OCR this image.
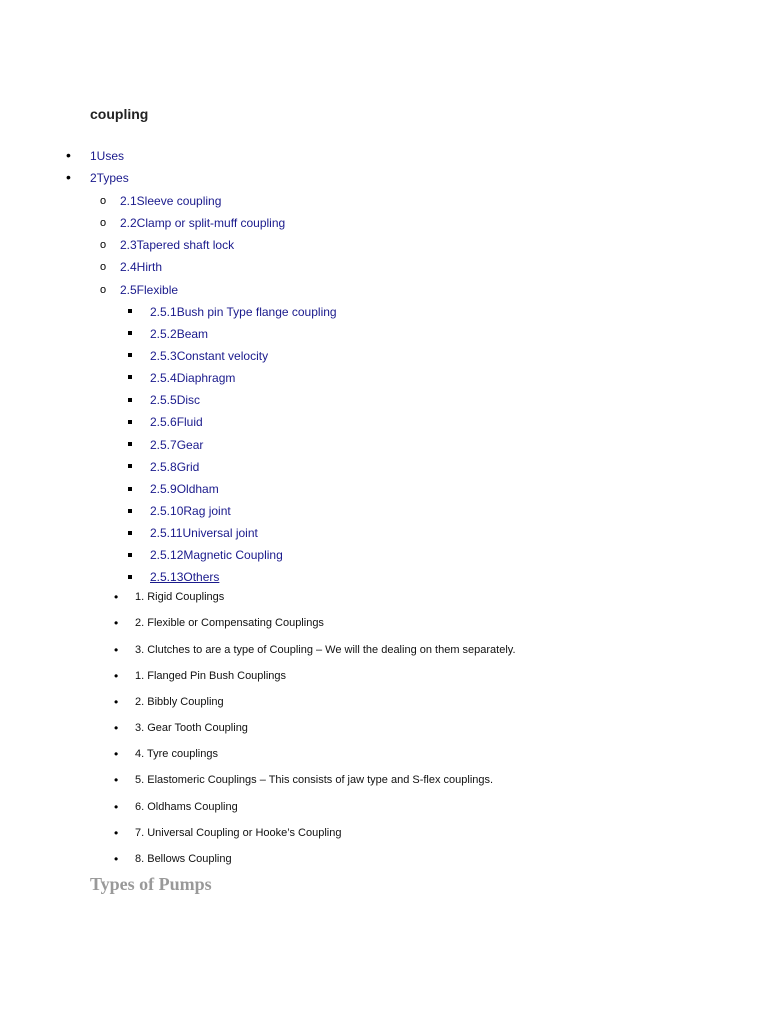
coupling
•
1Uses
•
2Types
o
2.1Sleeve coupling
o
2.2Clamp or split-muff coupling
o
2.3Tapered shaft lock
o
2.4Hirth
o
2.5Flexible
2.5.1Bush pin Type flange coupling
2.5.2Beam
2.5.3Constant velocity
2.5.4Diaphragm
2.5.5Disc
2.5.6Fluid
2.5.7Gear
2.5.8Grid
2.5.9Oldham
2.5.10Rag joint
2.5.11Universal joint
2.5.12Magnetic Coupling
2.5.13Others
• 1. Rigid Couplings
• 2. Flexible or Compensating Couplings
• 3. Clutches to are a type of Coupling – We will the dealing on them separately.
• 1. Flanged Pin Bush Couplings
• 2. Bibbly Coupling
• 3. Gear Tooth Coupling
• 4. Tyre couplings
• 5. Elastomeric Couplings – This consists of jaw type and S-flex couplings.
• 6. Oldhams Coupling
• 7. Universal Coupling or Hooke’s Coupling
• 8. Bellows Coupling
Types of Pumps
